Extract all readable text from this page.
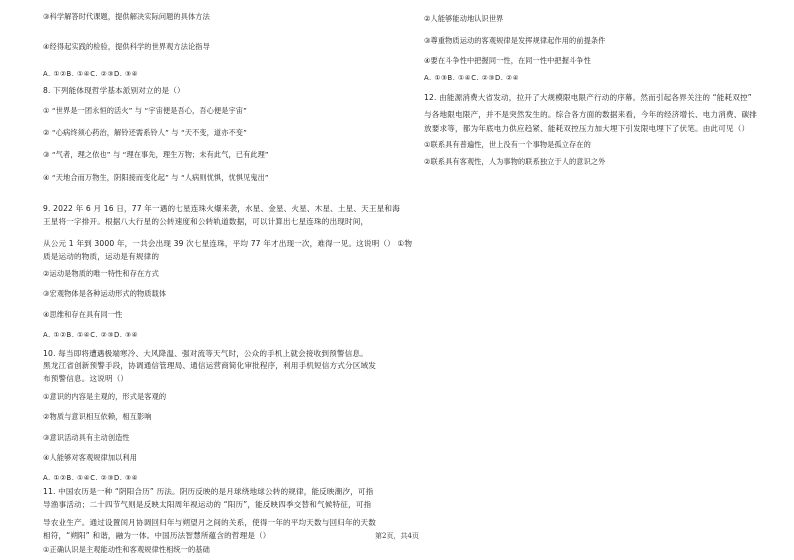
③科学解答时代课题，提供解决实际问题的具体方法
④经得起实践的检验，提供科学的世界观方法论指导
A. ①②B. ①④C. ②③D. ③④
8. 下列能体现哲学基本派别对立的是（）
① “世界是一团永恒的活火” 与 “宇宙便是吾心，吾心便是宇宙”
② “心病终须心药治，解铃还需系铃人” 与 “天不变，道亦不变”
③ “气者，理之依也” 与 “理在事先，理生万物；未有此气，已有此理”
④ “天地合而万物生，阴阳接而变化起” 与 “人病则忧惧，忧惧见鬼出”
9. 2022 年 6 月 16 日，77 年一遇的七星连珠火爆来袭，水星、金星、火星、木星、土星、天王星和海
王星将一字排开。根据八大行星的公转速度和公转轨道数据，可以计算出七星连珠的出现时间，
从公元 1 年到 3000 年，一共会出现 39 次七星连珠，平均 77 年才出现一次，难得一见。这说明（） ①物
质是运动的物质，运动是有规律的
②运动是物质的唯一特性和存在方式
③宏观物体是各种运动形式的物质载体
④思维和存在具有同一性
A. ①②B. ①④C. ②③D. ③④
10. 每当即将遭遇极端寒冷、大风降温、强对流等天气时，公众的手机上就会接收到预警信息。
黑龙江省创新预警手段，协调通信管理局、通信运营商简化审批程序，利用手机短信方式分区域发
布预警信息。这说明（）
①意识的内容是主观的，形式是客观的
②物质与意识相互依赖，相互影响
③意识活动具有主动创造性
④人能够对客观规律加以利用
A. ①②B. ①④C. ②③D. ③④
11. 中国农历是一种 “阴阳合历” 历法。阴历反映的是月球绕地球公转的规律，能反映潮汐，可指
导渔事活动；二十四节气则是反映太阳周年视运动的 “阳历”，能反映四季交替和气候特征，可指
导农业生产。通过设置闰月协调回归年与朔望月之间的关系，使得一年的平均天数与回归年的天数
相符，“朔阳” 和谐，融为一体。中国历法智慧所蕴含的哲理是（）
①正确认识是主观能动性和客观规律性相统一的基础
②人能够能动地认识世界
③尊重物质运动的客观规律是发挥规律起作用的前提条件
④要在斗争性中把握同一性，在同一性中把握斗争性
A. ①③B. ①④C. ②③D. ②④
12. 由能源消费大省发动，拉开了大规模限电限产行动的序幕。然而引起各界关注的 “能耗双控”
与各地限电限产，并不是突然发生的。综合各方面的数据来看，今年的经济增长、电力消费、碳排
放要求等，都为年底电力供应趋紧、能耗双控压力加大埋下引发限电埋下了伏笔。由此可见（）
①联系具有普遍性，世上没有一个事物是孤立存在的
②联系具有客观性，人为事物的联系独立于人的意识之外
第2页，共4页
